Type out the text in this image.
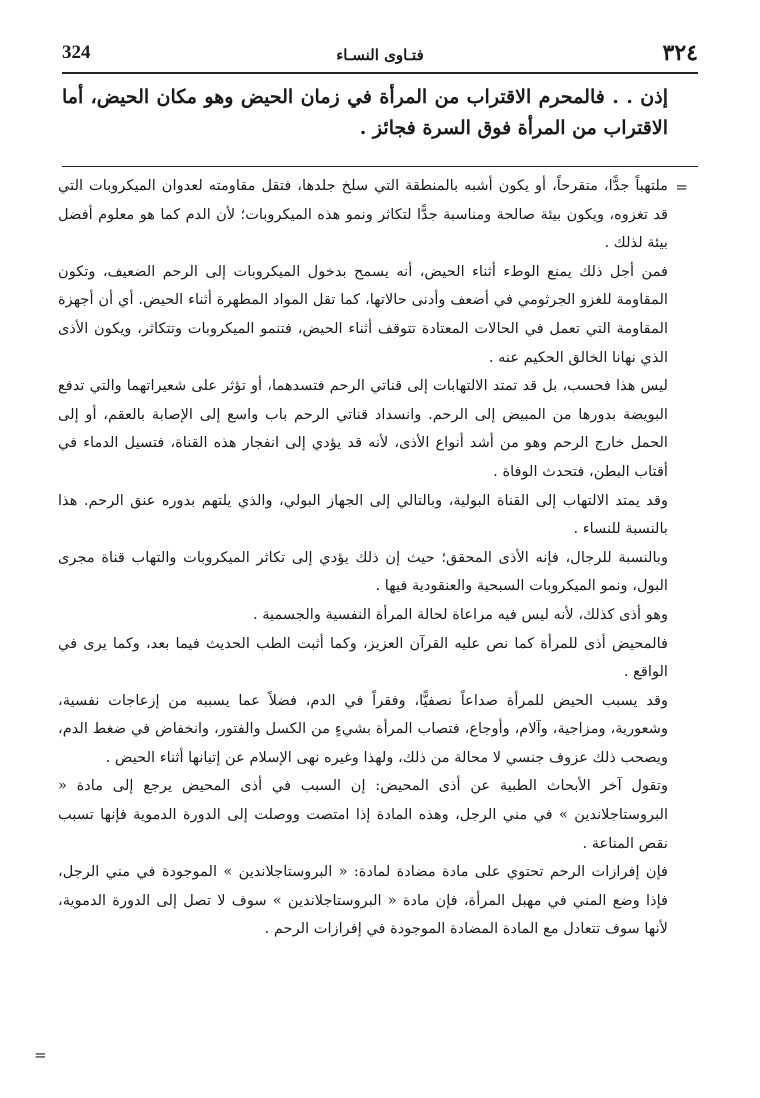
324	فتـاوى النسـاء	٣٢٤
إذن . . فالمحرم الاقتراب من المرأة في زمان الحيض وهو مكان الحيض، أما الاقتراب من المرأة فوق السرة فجائز .
=

ملتهباً جدًّا، متقرحاً، أو يكون أشبه بالمنطقة التي سلخ جلدها، فتقل مقاومته لعدوان الميكروبات التي قد تغزوه، ويكون بيئة صالحة ومناسبة جدًّا لتكاثر ونمو هذه الميكروبات؛ لأن الدم كما هو معلوم أفضل بيئة لذلك .

فمن أجل ذلك يمنع الوطء أثناء الحيض، أنه يسمح بدخول الميكروبات إلى الرحم الضعيف، وتكون المقاومة للغزو الجرثومي في أضعف وأدنى حالاتها، كما تقل المواد المطهرة أثناء الحيض. أي أن أجهزة المقاومة التي تعمل في الحالات المعتادة تتوقف أثناء الحيض، فتنمو الميكروبات وتتكاثر، ويكون الأذى الذي نهانا الخالق الحكيم عنه .

ليس هذا فحسب، بل قد تمتد الالتهابات إلى قناتي الرحم فتسدهما، أو تؤثر على شعيراتهما والتي تدفع البويضة بدورها من المبيض إلى الرحم. وانسداد قناتي الرحم باب واسع إلى الإصابة بالعقم، أو إلى الحمل خارج الرحم وهو من أشد أنواع الأذى، لأنه قد يؤدي إلى انفجار هذه القناة، فتسيل الدماء في أقتاب البطن، فتحدث الوفاة .

وقد يمتد الالتهاب إلى القناة البولية، وبالتالي إلى الجهاز البولي، والذي يلتهم بدوره عنق الرحم. هذا بالنسبة للنساء .

وبالنسبة للرجال، فإنه الأذى المحقق؛ حيث إن ذلك يؤدي إلى تكاثر الميكروبات والتهاب قناة مجرى البول، ونمو الميكروبات السبحية والعنقودية فيها .

وهو أذى كذلك، لأنه ليس فيه مراعاة لحالة المرأة النفسية والجسمية .

فالمحيض أذى للمرأة كما نص عليه القرآن العزيز، وكما أثبت الطب الحديث فيما بعد، وكما يرى في الواقع .

وقد يسبب الحيض للمرأة صداعاً نصفيًّا، وفقراً في الدم، فضلاً عما يسببه من إزعاجات نفسية، وشعورية، ومزاجية، وآلام، وأوجاع، فتصاب المرأة بشيءٍ من الكسل والفتور، وانخفاض في ضغط الدم، ويصحب ذلك عزوف جنسي لا محالة من ذلك، ولهذا وغيره نهى الإسلام عن إتيانها أثناء الحيض .

وتقول آخر الأبحاث الطبية عن أذى المحيض: إن السبب في أذى المحيض يرجع إلى مادة « البروستاجلاندين » في مني الرجل، وهذه المادة إذا امتصت ووصلت إلى الدورة الدموية فإنها تسبب نقص المناعة .

فإن إفرازات الرحم تحتوي على مادة مضادة لمادة: « البروستاجلاندين » الموجودة في مني الرجل، فإذا وضع المني في مهبل المرأة، فإن مادة « البروستاجلاندين » سوف لا تصل إلى الدورة الدموية، لأنها سوف تتعادل مع المادة المضادة الموجودة في إفرازات الرحم .

=
